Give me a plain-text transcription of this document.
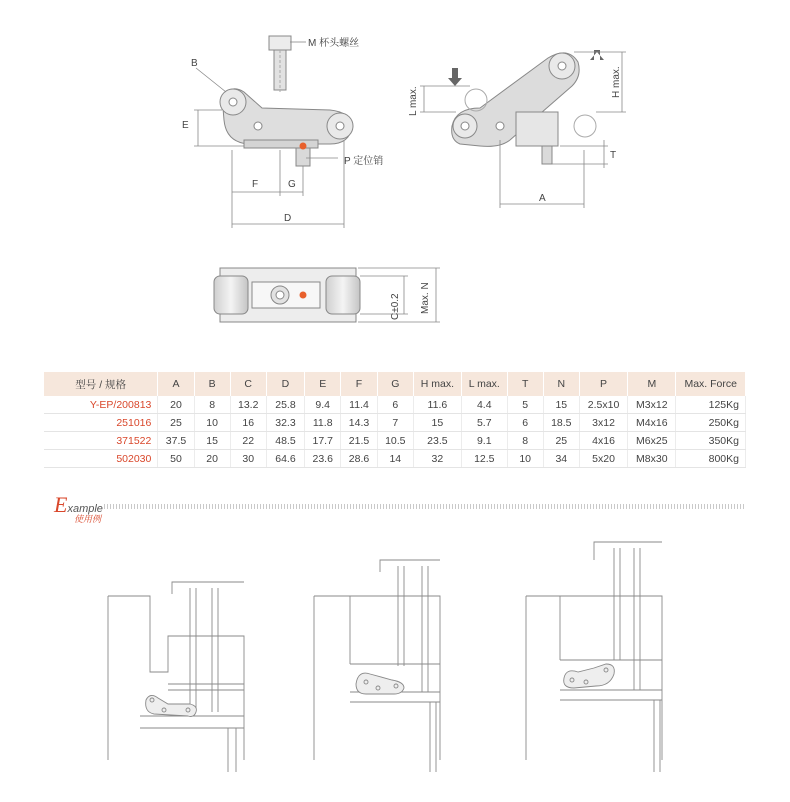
M 杯头螺丝
B
E
P 定位销
F	G
D
L max.
H max.
T
A
C±0.2 Max. N
型号 / 规格	A	B	C	D	E	F	G	H max.	L max.	T	N	P	M	Max. Force
Y-EP/200813	20	8	13.2	25.8	9.4	11.4	6	11.6	4.4	5	15	2.5x10	M3x12	125Kg
251016	25	10	16	32.3	11.8	14.3	7	15	5.7	6	18.5	3x12	M4x16	250Kg
371522	37.5	15	22	48.5	17.7	21.5	10.5	23.5	9.1	8	25	4x16	M6x25	350Kg
502030	50	20	30	64.6	23.6	28.6	14	32	12.5	10	34	5x20	M8x30	800Kg
Example
使用例
